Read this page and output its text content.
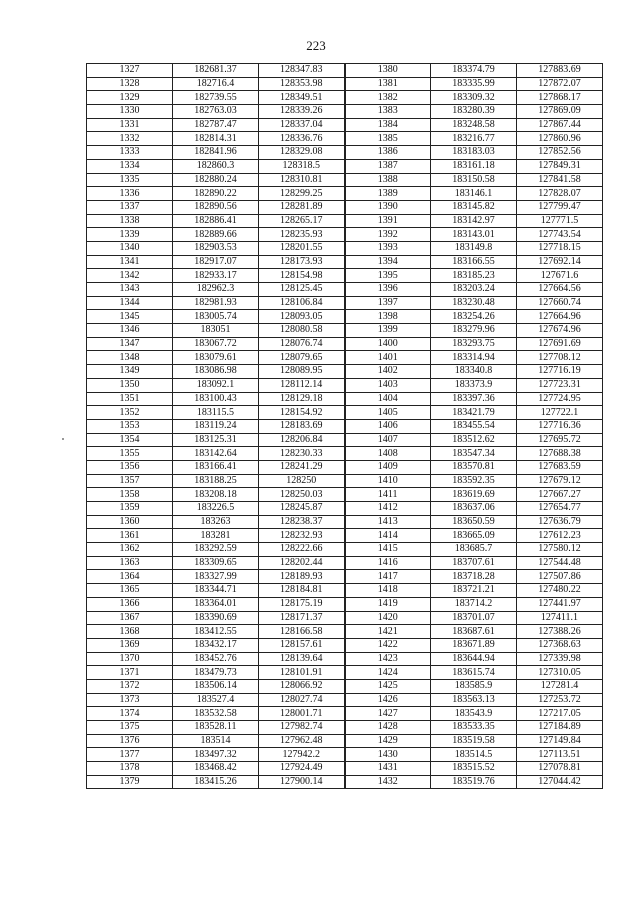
223
1327	182681.37	128347.83	1380	183374.79	127883.69
1328	182716.4	128353.98	1381	183335.99	127872.07
1329	182739.55	128349.51	1382	183309.32	127868.17
1330	182763.03	128339.26	1383	183280.39	127869.09
1331	182787.47	128337.04	1384	183248.58	127867.44
1332	182814.31	128336.76	1385	183216.77	127860.96
1333	182841.96	128329.08	1386	183183.03	127852.56
1334	182860.3	128318.5	1387	183161.18	127849.31
1335	182880.24	128310.81	1388	183150.58	127841.58
1336	182890.22	128299.25	1389	183146.1	127828.07
1337	182890.56	128281.89	1390	183145.82	127799.47
1338	182886.41	128265.17	1391	183142.97	127771.5
1339	182889.66	128235.93	1392	183143.01	127743.54
1340	182903.53	128201.55	1393	183149.8	127718.15
1341	182917.07	128173.93	1394	183166.55	127692.14
1342	182933.17	128154.98	1395	183185.23	127671.6
1343	182962.3	128125.45	1396	183203.24	127664.56
1344	182981.93	128106.84	1397	183230.48	127660.74
1345	183005.74	128093.05	1398	183254.26	127664.96
1346	183051	128080.58	1399	183279.96	127674.96
1347	183067.72	128076.74	1400	183293.75	127691.69
1348	183079.61	128079.65	1401	183314.94	127708.12
1349	183086.98	128089.95	1402	183340.8	127716.19
1350	183092.1	128112.14	1403	183373.9	127723.31
1351	183100.43	128129.18	1404	183397.36	127724.95
1352	183115.5	128154.92	1405	183421.79	127722.1
1353	183119.24	128183.69	1406	183455.54	127716.36
1354	183125.31	128206.84	1407	183512.62	127695.72
1355	183142.64	128230.33	1408	183547.34	127688.38
1356	183166.41	128241.29	1409	183570.81	127683.59
1357	183188.25	128250	1410	183592.35	127679.12
1358	183208.18	128250.03	1411	183619.69	127667.27
1359	183226.5	128245.87	1412	183637.06	127654.77
1360	183263	128238.37	1413	183650.59	127636.79
1361	183281	128232.93	1414	183665.09	127612.23
1362	183292.59	128222.66	1415	183685.7	127580.12
1363	183309.65	128202.44	1416	183707.61	127544.48
1364	183327.99	128189.93	1417	183718.28	127507.86
1365	183344.71	128184.81	1418	183721.21	127480.22
1366	183364.01	128175.19	1419	183714.2	127441.97
1367	183390.69	128171.37	1420	183701.07	127411.1
1368	183412.55	128166.58	1421	183687.61	127388.26
1369	183432.17	128157.61	1422	183671.89	127368.63
1370	183452.76	128139.64	1423	183644.94	127339.98
1371	183479.73	128101.91	1424	183615.74	127310.05
1372	183506.14	128066.92	1425	183585.9	127281.4
1373	183527.4	128027.74	1426	183563.13	127253.72
1374	183532.58	128001.71	1427	183543.9	127217.05
1375	183528.11	127982.74	1428	183533.35	127184.89
1376	183514	127962.48	1429	183519.58	127149.84
1377	183497.32	127942.2	1430	183514.5	127113.51
1378	183468.42	127924.49	1431	183515.52	127078.81
1379	183415.26	127900.14	1432	183519.76	127044.42
